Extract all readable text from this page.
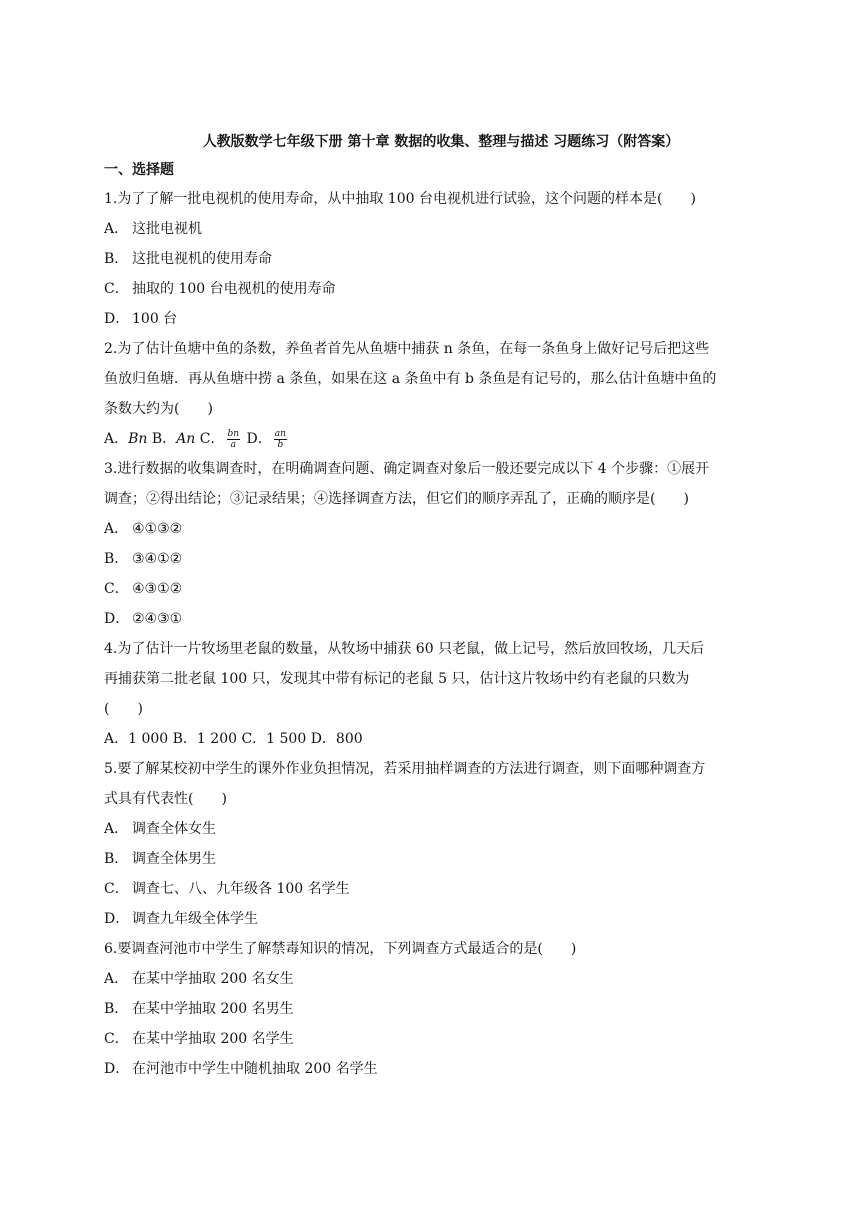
人教版数学七年级下册 第十章 数据的收集、整理与描述 习题练习（附答案）
一、选择题
1.为了了解一批电视机的使用寿命，从中抽取 100 台电视机进行试验，这个问题的样本是(　　)
A． 这批电视机
B． 这批电视机的使用寿命
C． 抽取的 100 台电视机的使用寿命
D． 100 台
2.为了估计鱼塘中鱼的条数，养鱼者首先从鱼塘中捕获 n 条鱼，在每一条鱼身上做好记号后把这些
鱼放归鱼塘．再从鱼塘中捞 a 条鱼，如果在这 a 条鱼中有 b 条鱼是有记号的，那么估计鱼塘中鱼的
条数大约为(　　)
A．Bn B．An C． $\frac{bn}{a}$ D． $\frac{an}{b}$
3.进行数据的收集调查时，在明确调查问题、确定调查对象后一般还要完成以下 4 个步骤：①展开
调查；②得出结论；③记录结果；④选择调查方法，但它们的顺序弄乱了，正确的顺序是(　　)
A． ④①③②
B． ③④①②
C． ④③①②
D． ②④③①
4.为了估计一片牧场里老鼠的数量，从牧场中捕获 60 只老鼠，做上记号，然后放回牧场，几天后
再捕获第二批老鼠 100 只，发现其中带有标记的老鼠 5 只，估计这片牧场中约有老鼠的只数为
(　　)
A．1 000 B．1 200 C．1 500 D．800
5.要了解某校初中学生的课外作业负担情况，若采用抽样调查的方法进行调查，则下面哪种调查方
式具有代表性(　　)
A． 调查全体女生
B． 调查全体男生
C． 调查七、八、九年级各 100 名学生
D． 调查九年级全体学生
6.要调查河池市中学生了解禁毒知识的情况，下列调查方式最适合的是(　　)
A． 在某中学抽取 200 名女生
B． 在某中学抽取 200 名男生
C． 在某中学抽取 200 名学生
D． 在河池市中学生中随机抽取 200 名学生
